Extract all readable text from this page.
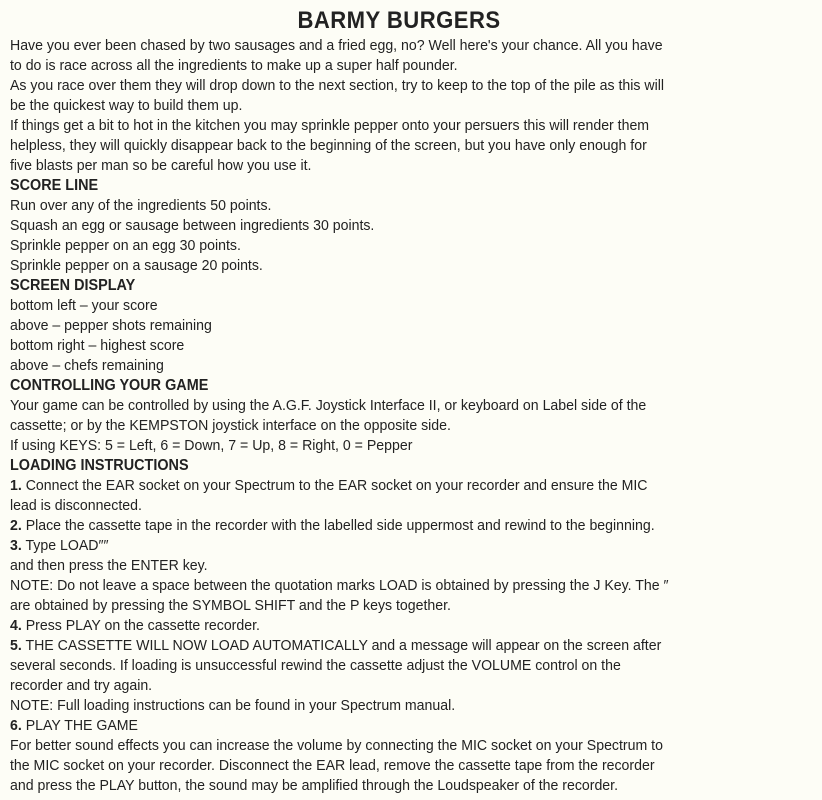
BARMY BURGERS
Have you ever been chased by two sausages and a fried egg, no? Well here's your chance. All you have
to do is race across all the ingredients to make up a super half pounder.
As you race over them they will drop down to the next section, try to keep to the top of the pile as this will
be the quickest way to build them up.
If things get a bit to hot in the kitchen you may sprinkle pepper onto your persuers this will render them
helpless, they will quickly disappear back to the beginning of the screen, but you have only enough for
five blasts per man so be careful how you use it.
SCORE LINE
Run over any of the ingredients 50 points.
Squash an egg or sausage between ingredients 30 points.
Sprinkle pepper on an egg 30 points.
Sprinkle pepper on a sausage 20 points.
SCREEN DISPLAY
bottom left – your score
above – pepper shots remaining
bottom right – highest score
above – chefs remaining
CONTROLLING YOUR GAME
Your game can be controlled by using the A.G.F. Joystick Interface II, or keyboard on Label side of the
cassette; or by the KEMPSTON joystick interface on the opposite side.
If using KEYS: 5 = Left, 6 = Down, 7 = Up, 8 = Right, 0 = Pepper
LOADING INSTRUCTIONS
1. Connect the EAR socket on your Spectrum to the EAR socket on your recorder and ensure the MIC
lead is disconnected.
2. Place the cassette tape in the recorder with the labelled side uppermost and rewind to the beginning.
3. Type LOAD″″
and then press the ENTER key.
NOTE: Do not leave a space between the quotation marks LOAD is obtained by pressing the J Key. The ″
are obtained by pressing the SYMBOL SHIFT and the P keys together.
4. Press PLAY on the cassette recorder.
5. THE CASSETTE WILL NOW LOAD AUTOMATICALLY and a message will appear on the screen after
several seconds. If loading is unsuccessful rewind the cassette adjust the VOLUME control on the
recorder and try again.
NOTE: Full loading instructions can be found in your Spectrum manual.
6. PLAY THE GAME
For better sound effects you can increase the volume by connecting the MIC socket on your Spectrum to
the MIC socket on your recorder. Disconnect the EAR lead, remove the cassette tape from the recorder
and press the PLAY button, the sound may be amplified through the Loudspeaker of the recorder.
